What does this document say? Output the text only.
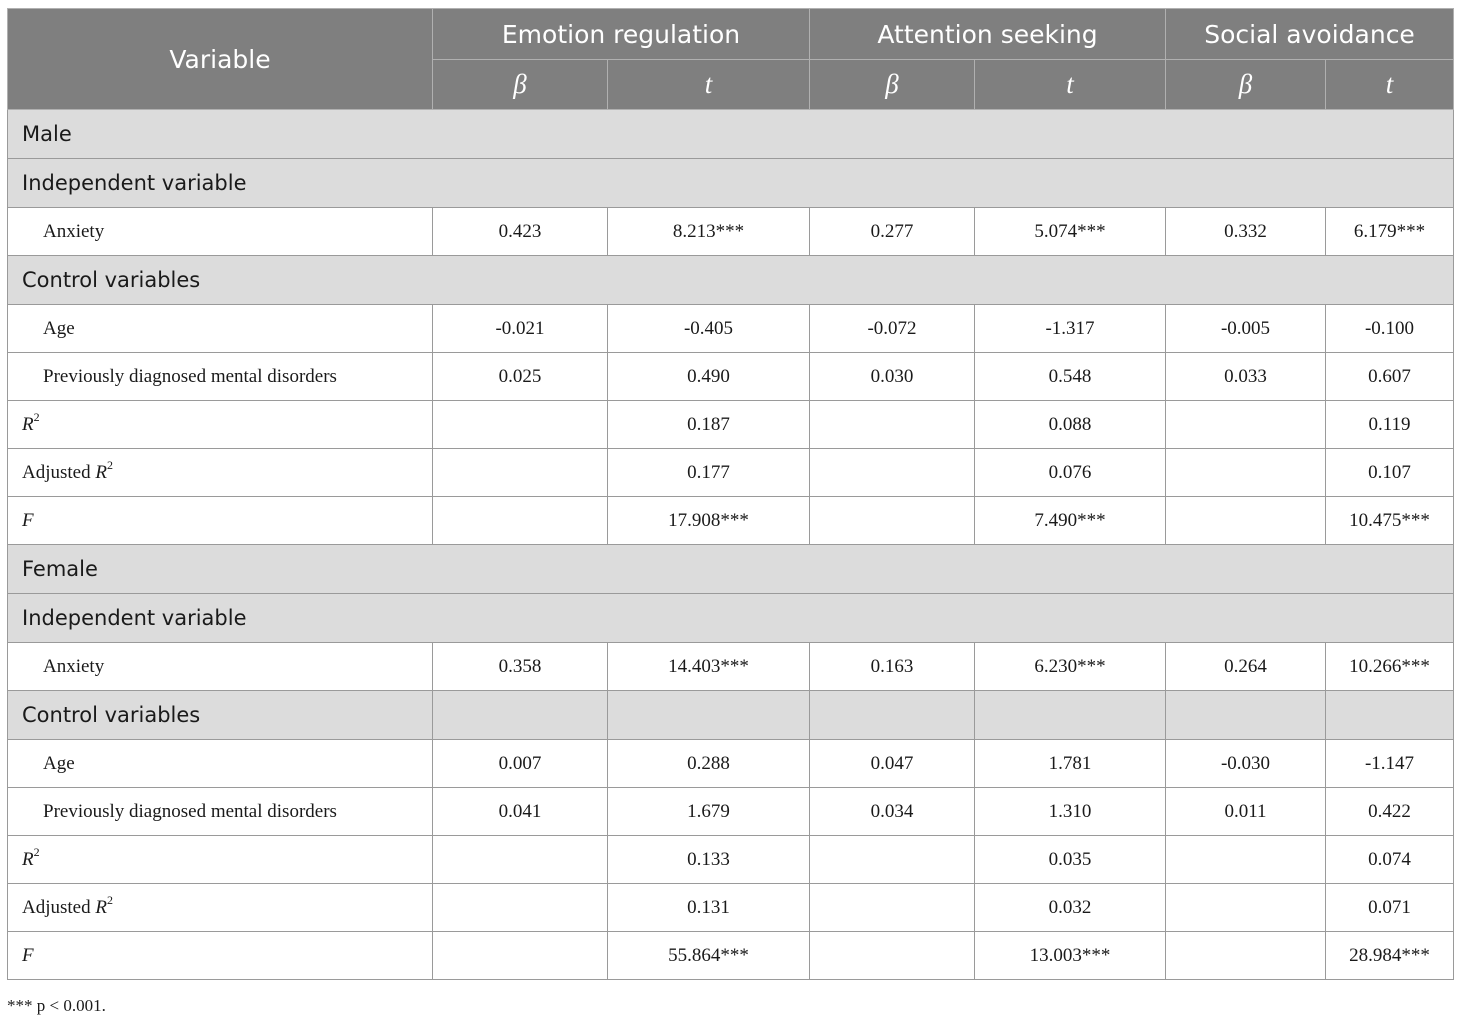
Variable	Emotion regulation		Attention seeking		Social avoidance	
	β	t	β	t	β	t
Male						
Independent variable						
Anxiety	0.423	8.213***	0.277	5.074***	0.332	6.179***
Control variables						
Age	-0.021	-0.405	-0.072	-1.317	-0.005	-0.100
Previously diagnosed mental disorders	0.025	0.490	0.030	0.548	0.033	0.607
$R^2$		0.187		0.088		0.119
Adjusted $R^2$		0.177		0.076		0.107
F		17.908***		7.490***		10.475***
Female						
Independent variable						
Anxiety	0.358	14.403***	0.163	6.230***	0.264	10.266***
Control variables						
Age	0.007	0.288	0.047	1.781	-0.030	-1.147
Previously diagnosed mental disorders	0.041	1.679	0.034	1.310	0.011	0.422
$R^2$		0.133		0.035		0.074
Adjusted $R^2$		0.131		0.032		0.071
F		55.864***		13.003***		28.984***
*** p < 0.001.
